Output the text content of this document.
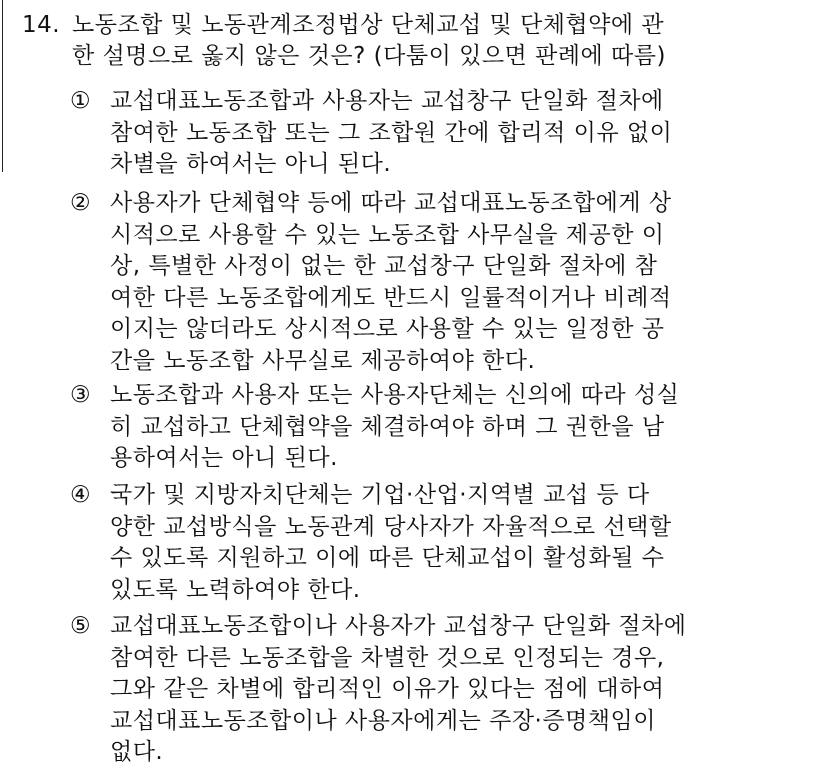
14. 노동조합 및 노동관계조정법상 단체교섭 및 단체협약에 관
한 설명으로 옳지 않은 것은? (다툼이 있으면 판례에 따름)
① 교섭대표노동조합과 사용자는 교섭창구 단일화 절차에
참여한 노동조합 또는 그 조합원 간에 합리적 이유 없이
차별을 하여서는 아니 된다.
② 사용자가 단체협약 등에 따라 교섭대표노동조합에게 상
시적으로 사용할 수 있는 노동조합 사무실을 제공한 이
상, 특별한 사정이 없는 한 교섭창구 단일화 절차에 참
여한 다른 노동조합에게도 반드시 일률적이거나 비례적
이지는 않더라도 상시적으로 사용할 수 있는 일정한 공
간을 노동조합 사무실로 제공하여야 한다.
③ 노동조합과 사용자 또는 사용자단체는 신의에 따라 성실
히 교섭하고 단체협약을 체결하여야 하며 그 권한을 남
용하여서는 아니 된다.
④ 국가 및 지방자치단체는 기업·산업·지역별 교섭 등 다
양한 교섭방식을 노동관계 당사자가 자율적으로 선택할
수 있도록 지원하고 이에 따른 단체교섭이 활성화될 수
있도록 노력하여야 한다.
⑤ 교섭대표노동조합이나 사용자가 교섭창구 단일화 절차에
참여한 다른 노동조합을 차별한 것으로 인정되는 경우,
그와 같은 차별에 합리적인 이유가 있다는 점에 대하여
교섭대표노동조합이나 사용자에게는 주장·증명책임이
없다.
